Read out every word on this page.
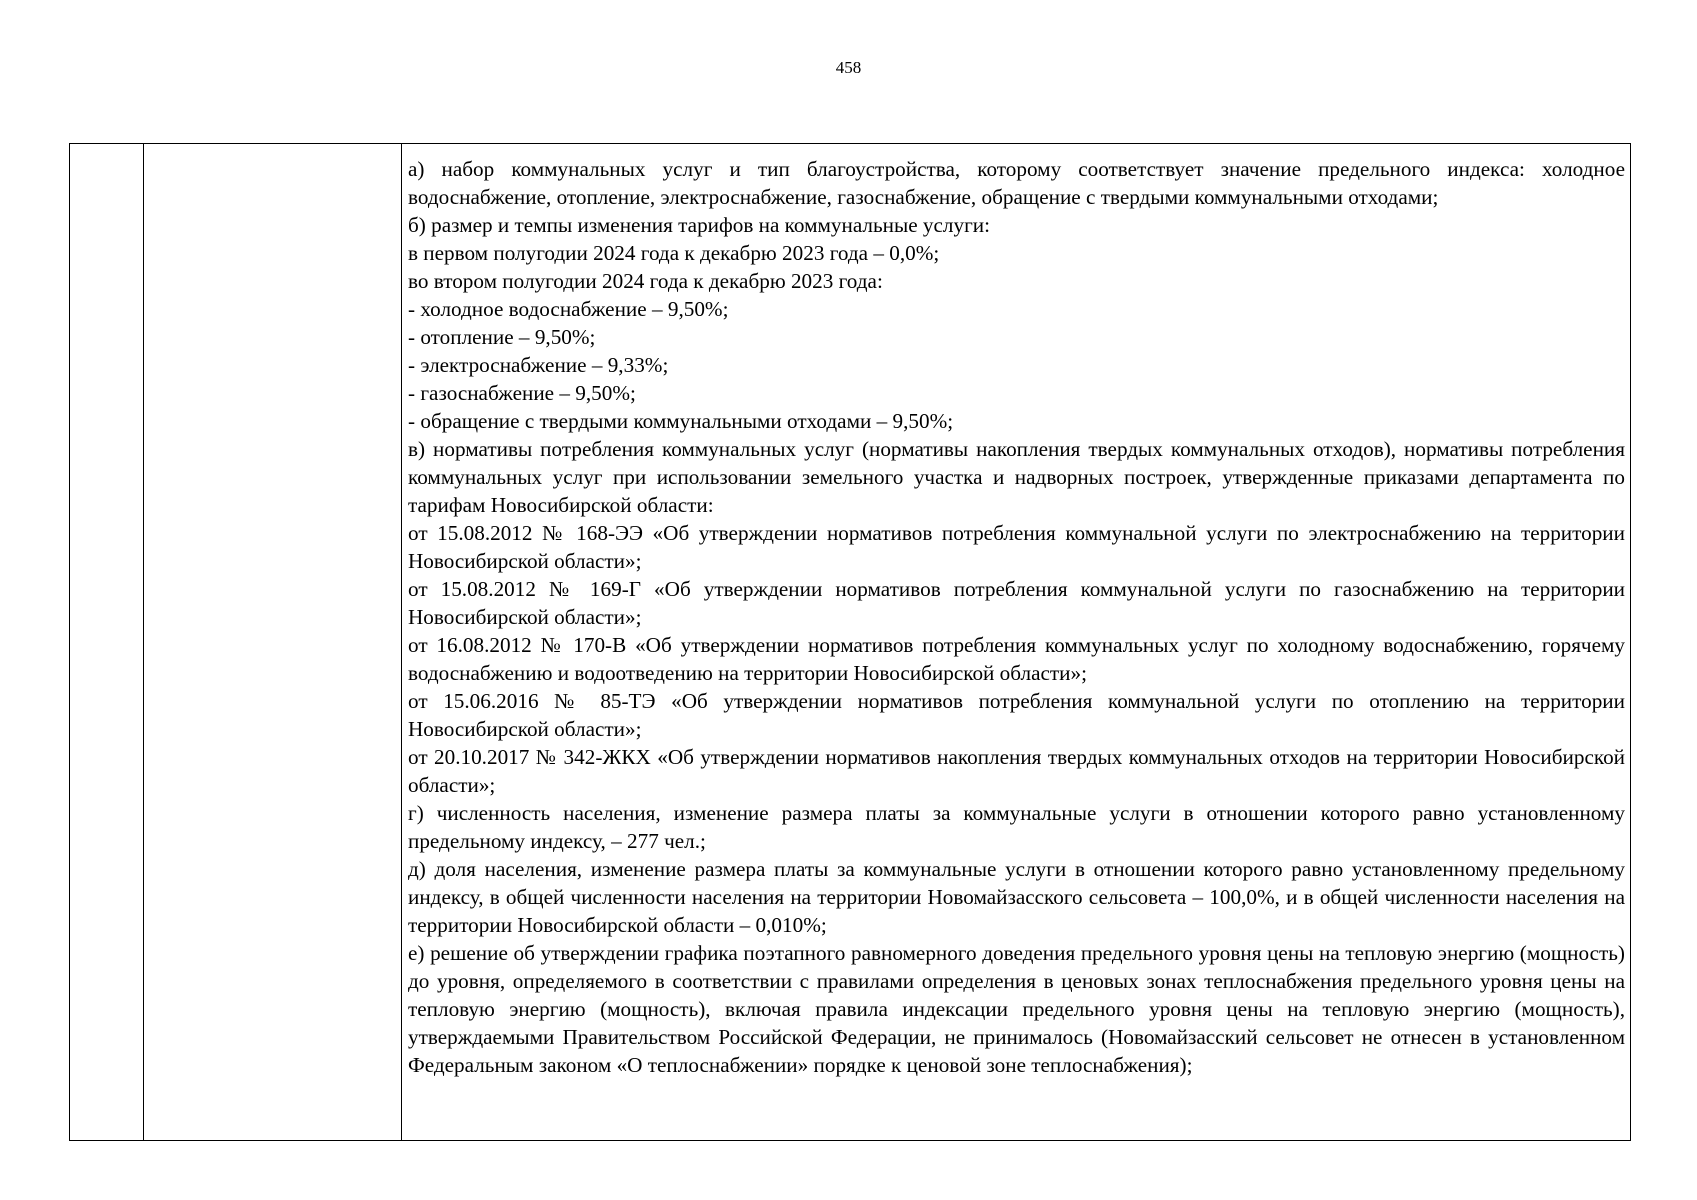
458

а) набор коммунальных услуг и тип благоустройства, которому соответствует значение предельного индекса: холодное водоснабжение, отопление, электроснабжение, газоснабжение, обращение с твердыми коммунальными отходами;

б) размер и темпы изменения тарифов на коммунальные услуги:

в первом полугодии 2024 года к декабрю 2023 года – 0,0%;

во втором полугодии 2024 года к декабрю 2023 года:

- холодное водоснабжение – 9,50%;

- отопление – 9,50%;

- электроснабжение – 9,33%;

- газоснабжение – 9,50%;

- обращение с твердыми коммунальными отходами – 9,50%;

в) нормативы потребления коммунальных услуг (нормативы накопления твердых коммунальных отходов), нормативы потребления коммунальных услуг при использовании земельного участка и надворных построек, утвержденные приказами департамента по тарифам Новосибирской области:

от 15.08.2012 № 168-ЭЭ «Об утверждении нормативов потребления коммунальной услуги по электроснабжению на территории Новосибирской области»;

от 15.08.2012 № 169-Г «Об утверждении нормативов потребления коммунальной услуги по газоснабжению на территории Новосибирской области»;

от 16.08.2012 № 170-В «Об утверждении нормативов потребления коммунальных услуг по холодному водоснабжению, горячему водоснабжению и водоотведению на территории Новосибирской области»;

от 15.06.2016 № 85-ТЭ «Об утверждении нормативов потребления коммунальной услуги по отоплению на территории Новосибирской области»;

от 20.10.2017 № 342-ЖКХ «Об утверждении нормативов накопления твердых коммунальных отходов на территории Новосибирской области»;

г) численность населения, изменение размера платы за коммунальные услуги в отношении которого равно установленному предельному индексу, – 277 чел.;

д) доля населения, изменение размера платы за коммунальные услуги в отношении которого равно установленному предельному индексу, в общей численности населения на территории Новомайзасского сельсовета – 100,0%, и в общей численности населения на территории Новосибирской области – 0,010%;

е) решение об утверждении графика поэтапного равномерного доведения предельного уровня цены на тепловую энергию (мощность) до уровня, определяемого в соответствии с правилами определения в ценовых зонах теплоснабжения предельного уровня цены на тепловую энергию (мощность), включая правила индексации предельного уровня цены на тепловую энергию (мощность), утверждаемыми Правительством Российской Федерации, не принималось (Новомайзасский сельсовет не отнесен в установленном Федеральным законом «О теплоснабжении» порядке к ценовой зоне теплоснабжения);
